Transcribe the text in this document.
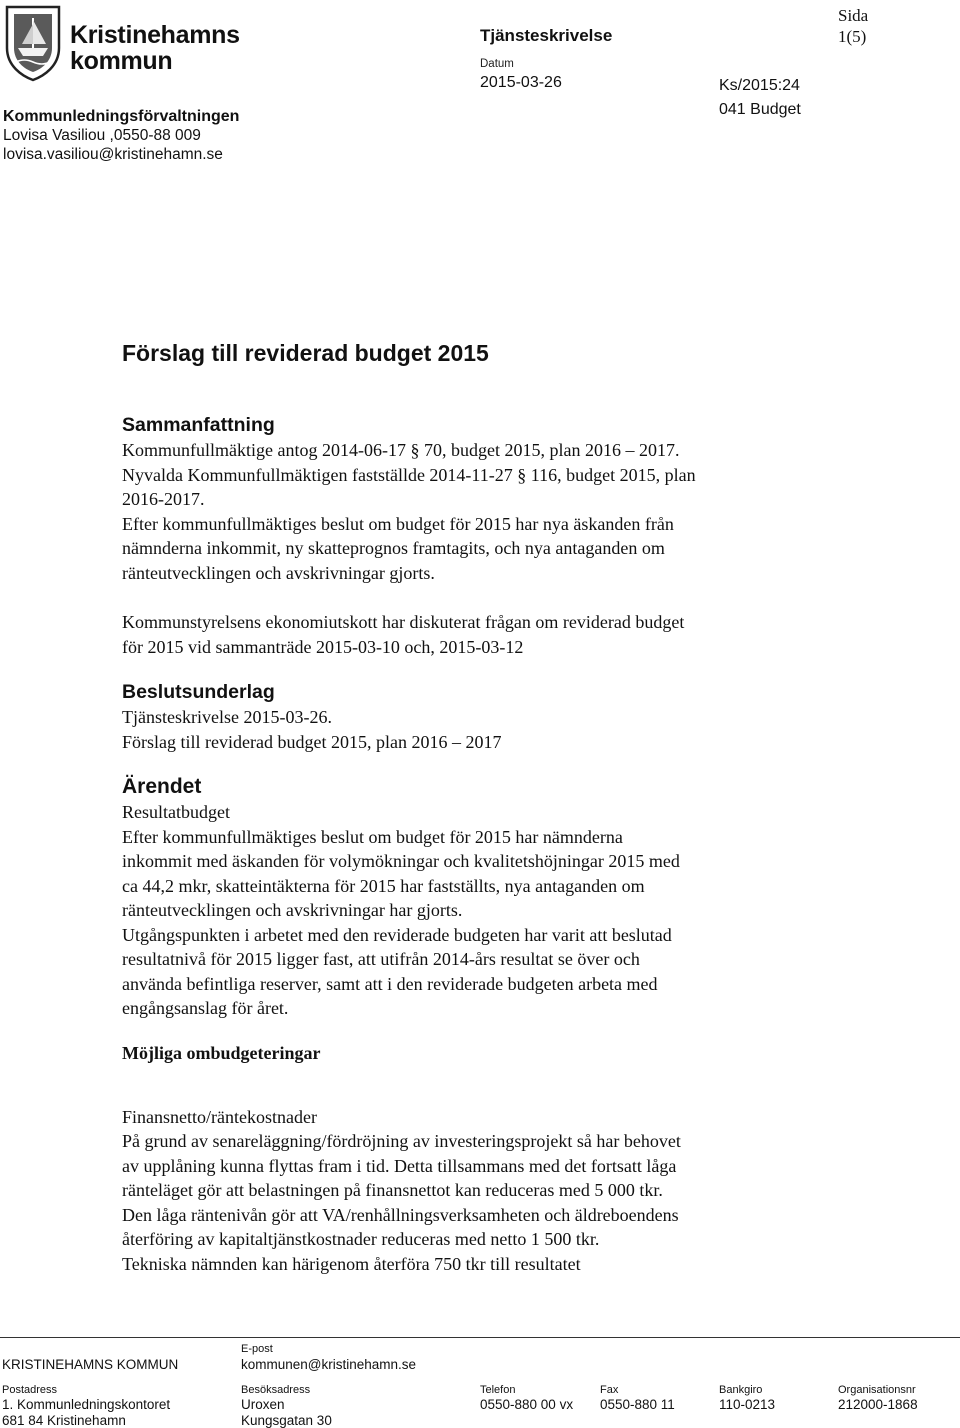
Kristinehamns
kommun
Kommunledningsförvaltningen
Lovisa Vasiliou ,0550-88 009
lovisa.vasiliou@kristinehamn.se
Tjänsteskrivelse
Datum
2015-03-26	Ks/2015:24
041 Budget
Sida
1(5)
Förslag till reviderad budget 2015
Sammanfattning

Kommunfullmäktige antog 2014-06-17 § 70, budget 2015, plan 2016 – 2017.

Nyvalda Kommunfullmäktigen fastställde 2014-11-27 § 116, budget 2015, plan

2016-2017.

Efter kommunfullmäktiges beslut om budget för 2015 har nya äskanden från

nämnderna inkommit, ny skatteprognos framtagits, och nya antaganden om

ränteutvecklingen och avskrivningar gjorts.

Kommunstyrelsens ekonomiutskott har diskuterat frågan om reviderad budget

för 2015 vid sammanträde 2015-03-10 och, 2015-03-12

Beslutsunderlag

Tjänsteskrivelse 2015-03-26.

Förslag till reviderad budget 2015, plan 2016 – 2017

Ärendet

Resultatbudget

Efter kommunfullmäktiges beslut om budget för 2015 har nämnderna

inkommit med äskanden för volymökningar och kvalitetshöjningar 2015 med

ca 44,2 mkr, skatteintäkterna för 2015 har fastställts, nya antaganden om

ränteutvecklingen och avskrivningar har gjorts.

Utgångspunkten i arbetet med den reviderade budgeten har varit att beslutad

resultatnivå för 2015 ligger fast, att utifrån 2014-års resultat se över och

använda befintliga reserver, samt att i den reviderade budgeten arbeta med

engångsanslag för året.

Möjliga ombudgeteringar

Finansnetto/räntekostnader

På grund av senareläggning/fördröjning av investeringsprojekt så har behovet

av upplåning kunna flyttas fram i tid. Detta tillsammans med det fortsatt låga

ränteläget gör att belastningen på finansnettot kan reduceras med 5 000 tkr.

Den låga räntenivån gör att VA/renhållningsverksamheten och äldreboendens

återföring av kapitaltjänstkostnader reduceras med netto 1 500 tkr.

Tekniska nämnden kan härigenom återföra 750 tkr till resultatet

KRISTINEHAMNS KOMMUN
E-post
kommunen@kristinehamn.se
Postadress
1. Kommunledningskontoret
681 84 Kristinehamn
Besöksadress
Uroxen
Kungsgatan 30
Telefon
0550-880 00 vx
Fax
0550-880 11
Bankgiro
110-0213
Organisationsnr
212000-1868
